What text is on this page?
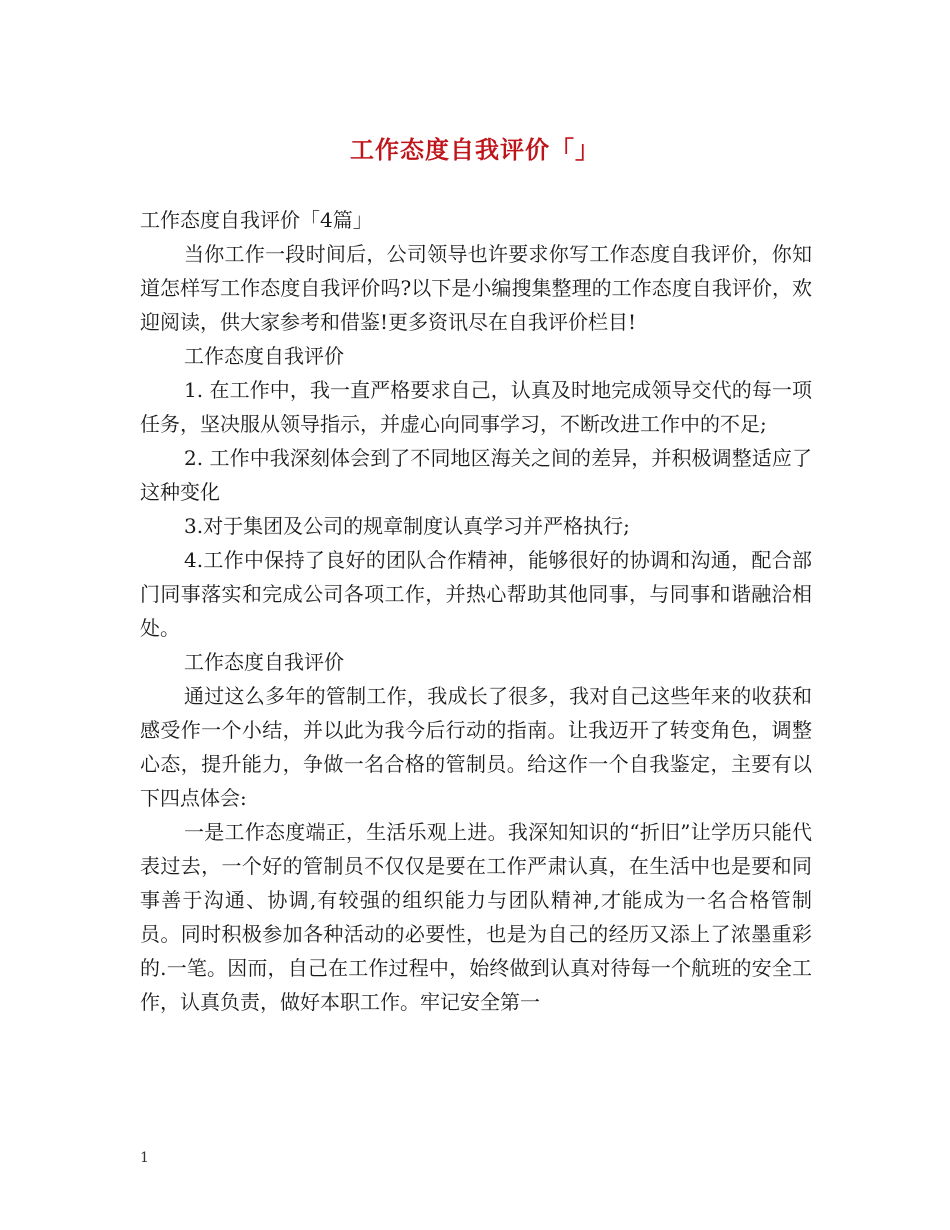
工作态度自我评价「」

工作态度自我评价「4篇」

当你工作一段时间后，公司领导也许要求你写工作态度自我评价，你知道怎样写工作态度自我评价吗?以下是小编搜集整理的工作态度自我评价，欢迎阅读，供大家参考和借鉴!更多资讯尽在自我评价栏目!

工作态度自我评价

1. 在工作中，我一直严格要求自己，认真及时地完成领导交代的每一项任务，坚决服从领导指示，并虚心向同事学习，不断改进工作中的不足;

2. 工作中我深刻体会到了不同地区海关之间的差异，并积极调整适应了这种变化

3.对于集团及公司的规章制度认真学习并严格执行;

4.工作中保持了良好的团队合作精神，能够很好的协调和沟通，配合部门同事落实和完成公司各项工作，并热心帮助其他同事，与同事和谐融洽相处。

工作态度自我评价

通过这么多年的管制工作，我成长了很多，我对自己这些年来的收获和感受作一个小结，并以此为我今后行动的指南。让我迈开了转变角色，调整心态，提升能力，争做一名合格的管制员。给这作一个自我鉴定，主要有以下四点体会:

一是工作态度端正，生活乐观上进。我深知知识的“折旧”让学历只能代表过去，一个好的管制员不仅仅是要在工作严肃认真，在生活中也是要和同事善于沟通、协调,有较强的组织能力与团队精神,才能成为一名合格管制员。同时积极参加各种活动的必要性，也是为自己的经历又添上了浓墨重彩的.一笔。因而，自己在工作过程中，始终做到认真对待每一个航班的安全工作，认真负责，做好本职工作。牢记安全第一

1
